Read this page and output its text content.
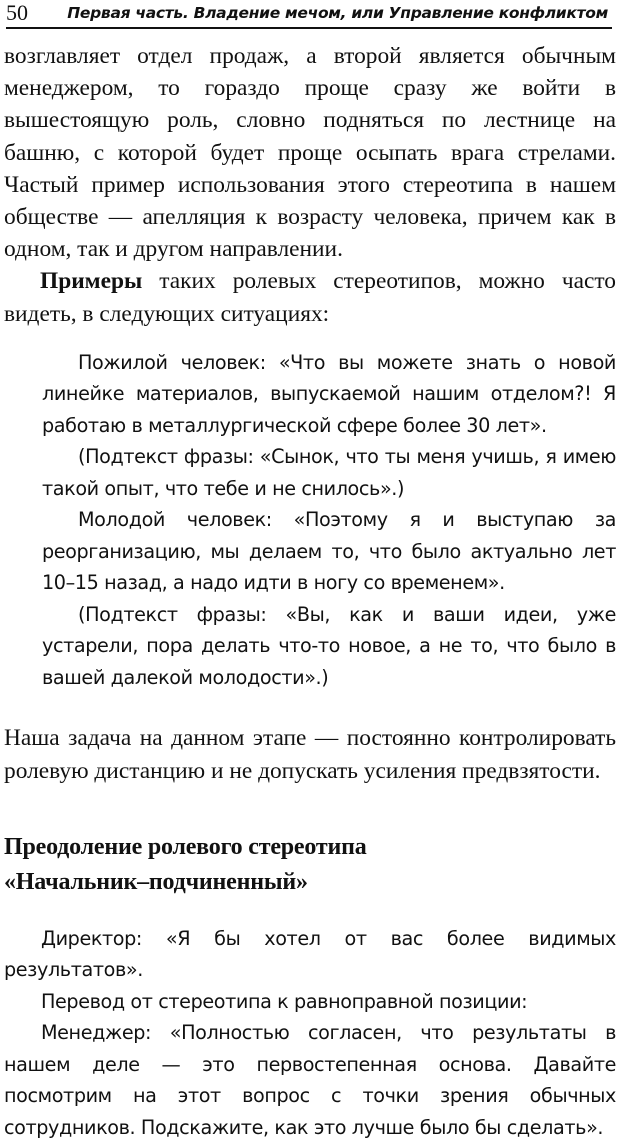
50	Первая часть. Владение мечом, или Управление конфликтом

возглавляет отдел продаж, а второй является обычным менеджером, то гораздо проще сразу же войти в вышестоящую роль, словно подняться по лестнице на башню, с которой будет проще осыпать врага стрелами. Частый пример использования этого стереотипа в нашем обществе — апелляция к возрасту человека, причем как в одном, так и другом направлении.

Примеры таких ролевых стереотипов, можно часто видеть, в следующих ситуациях:

Пожилой человек: «Что вы можете знать о новой линейке материалов, выпускаемой нашим отделом?! Я работаю в металлургической сфере более 30 лет».

(Подтекст фразы: «Сынок, что ты меня учишь, я имею такой опыт, что тебе и не снилось».)

Молодой человек: «Поэтому я и выступаю за реорганизацию, мы делаем то, что было актуально лет 10–15 назад, а надо идти в ногу со временем».

(Подтекст фразы: «Вы, как и ваши идеи, уже устарели, пора делать что-то новое, а не то, что было в вашей далекой молодости».)

Наша задача на данном этапе — постоянно контролировать ролевую дистанцию и не допускать усиления предвзятости.

Преодоление ролевого стереотипа
«Начальник–подчиненный»

Директор: «Я бы хотел от вас более видимых результатов».

Перевод от стереотипа к равноправной позиции:

Менеджер: «Полностью согласен, что результаты в нашем деле — это первостепенная основа. Давайте посмотрим на этот вопрос с точки зрения обычных сотрудников. Подскажите, как это лучше было бы сделать».
